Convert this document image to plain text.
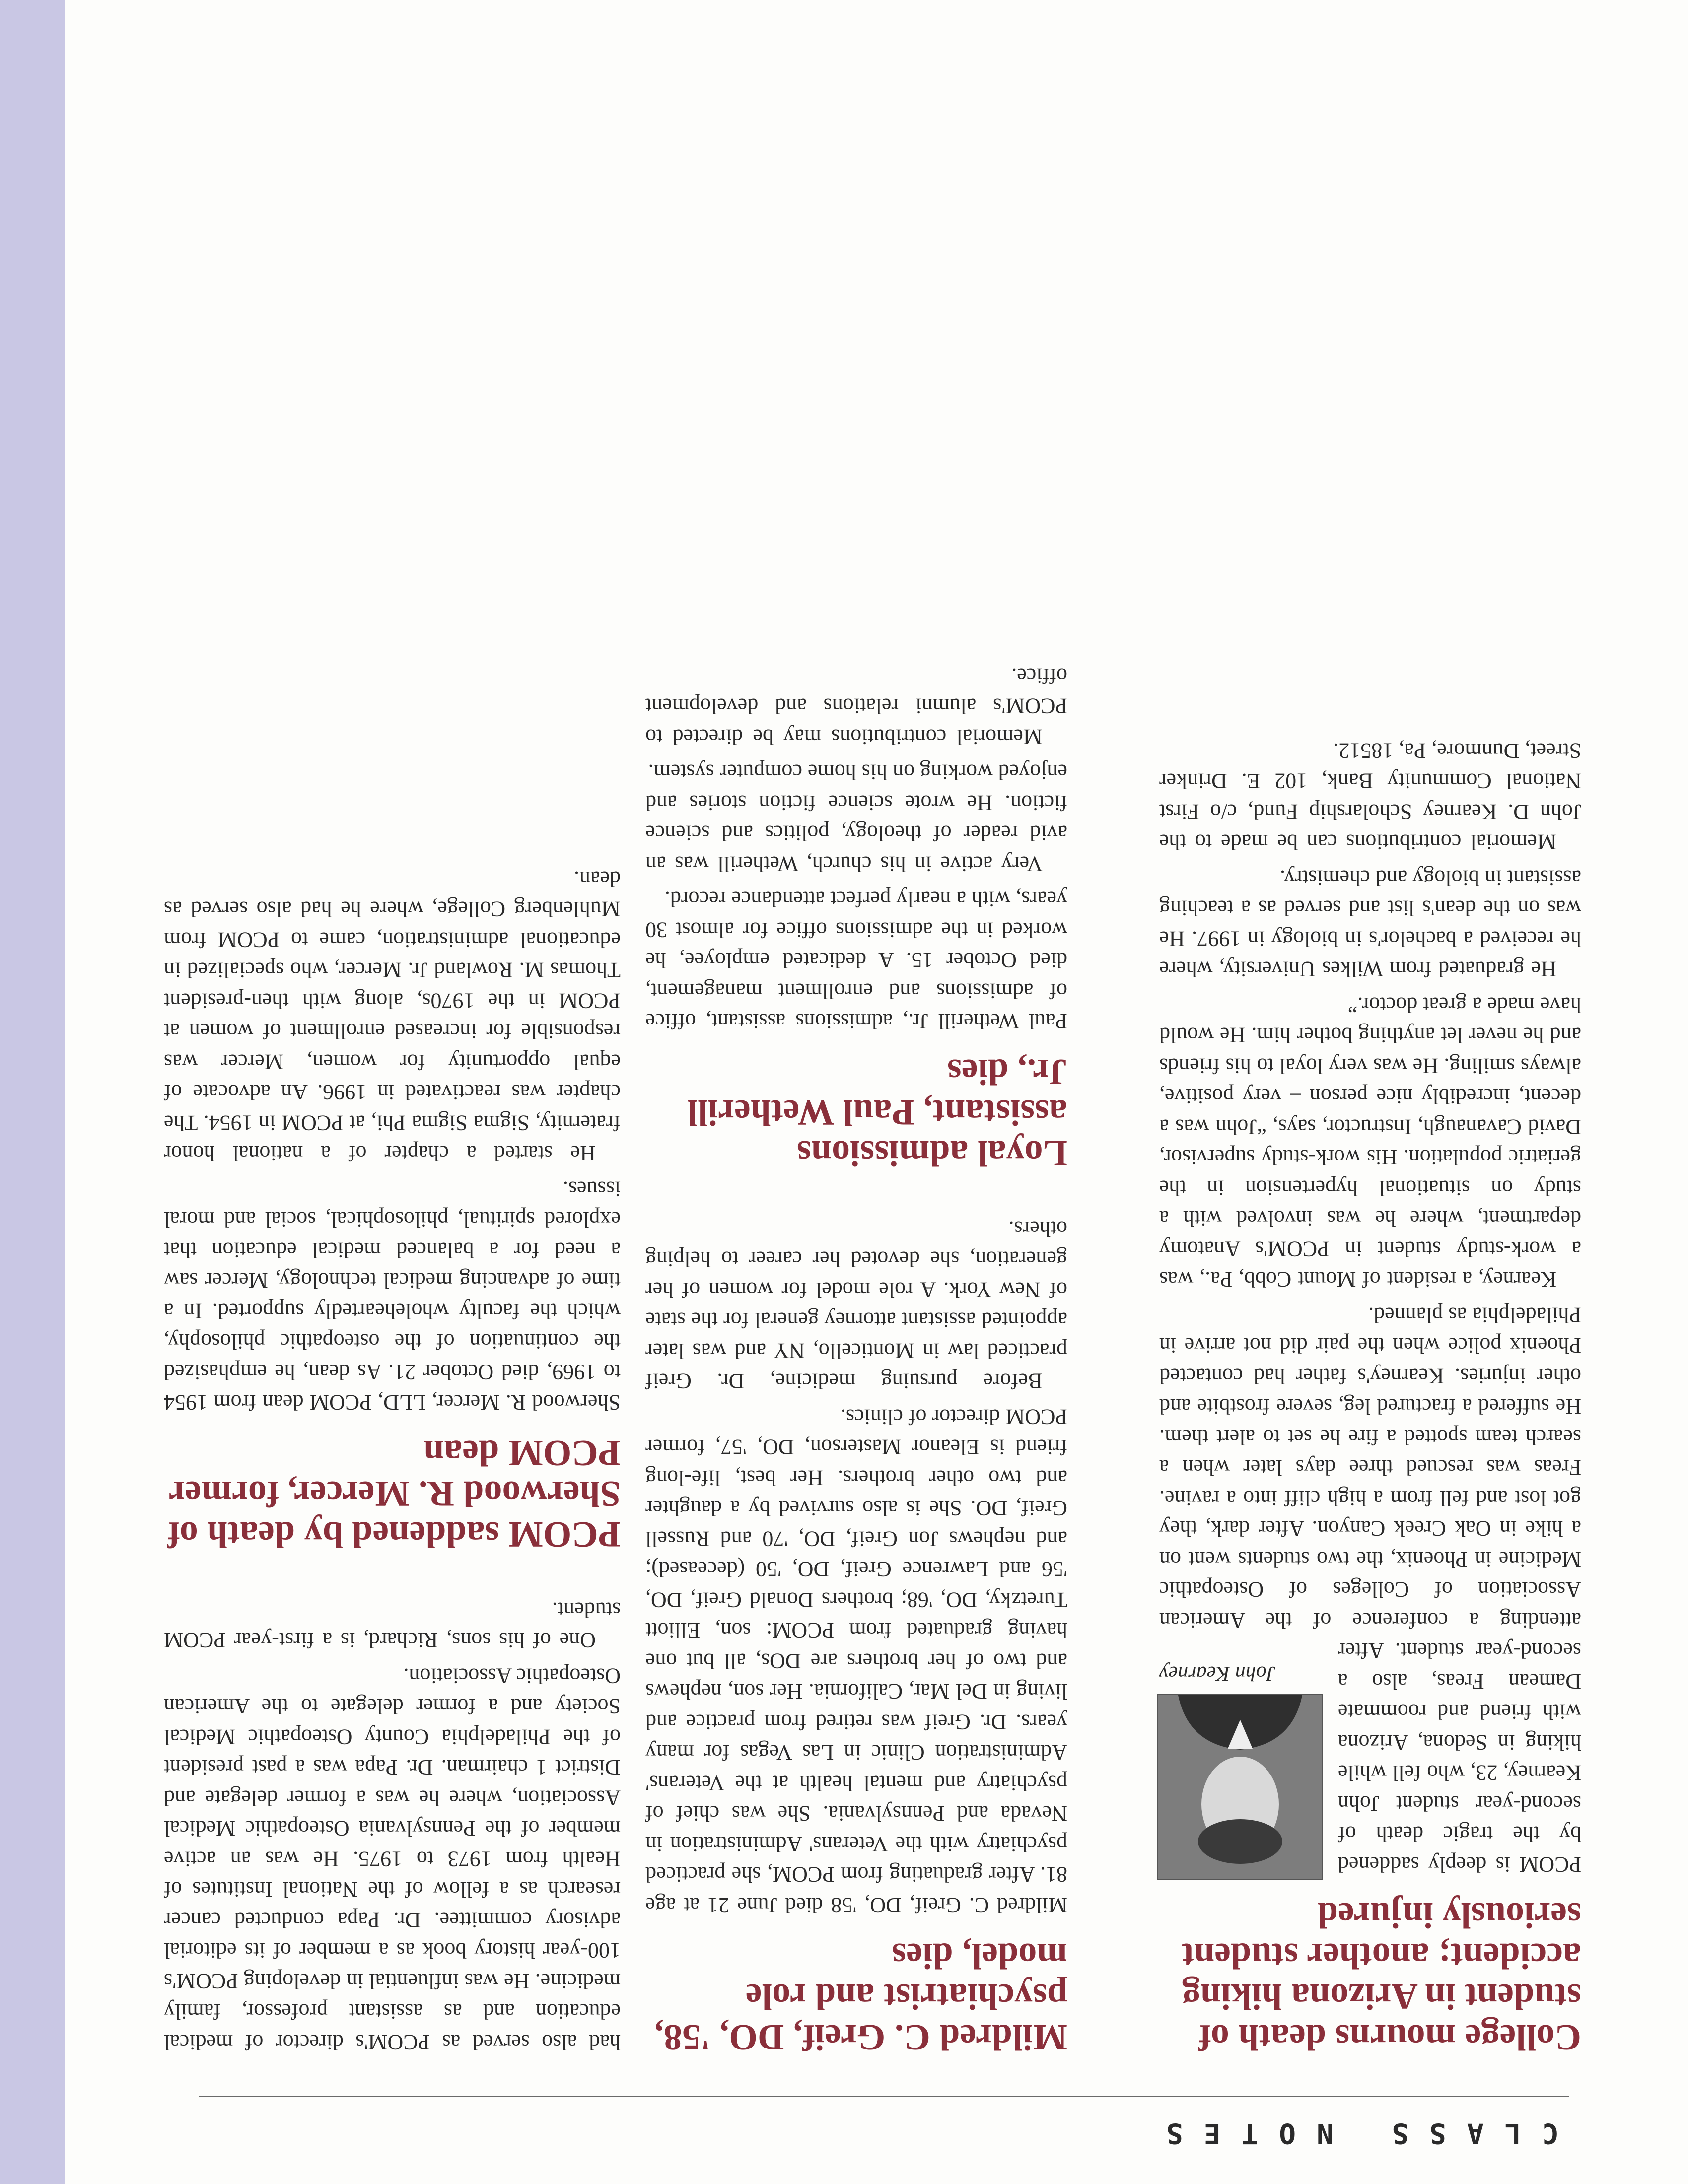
CLASS NOTES
College mourns death of student in Arizona hiking accident; another student seriously injured
John Kearney

PCOM is deeply saddened by the tragic death of second-year student John Kearney, 23, who fell while hiking in Sedona, Arizona with friend and roommate Damean Freas, also a second-year student. After attending a conference of the American Association of Colleges of Osteopathic Medicine in Phoenix, the two students went on a hike in Oak Creek Canyon. After dark, they got lost and fell from a high cliff into a ravine. Freas was rescued three days later when a search team spotted a fire he set to alert them. He suffered a fractured leg, severe frostbite and other injuries. Kearney's father had contacted Phoenix police when the pair did not arrive in Philadelphia as planned.

Kearney, a resident of Mount Cobb, Pa., was a work-study student in PCOM's Anatomy department, where he was involved with a study on situational hypertension in the geriatric population. His work-study supervisor, David Cavanaugh, Instructor, says, “John was a decent, incredibly nice person – very positive, always smiling. He was very loyal to his friends and he never let anything bother him. He would have made a great doctor.”

He graduated from Wilkes University, where he received a bachelor's in biology in 1997. He was on the dean's list and served as a teaching assistant in biology and chemistry.

Memorial contributions can be made to the John D. Kearney Scholarship Fund, c/o First National Community Bank, 102 E. Drinker Street, Dunmore, Pa, 18512.

Mildred C. Greif, DO, '58, psychiatrist and role model, dies

Mildred C. Greif, DO, '58 died June 21 at age 81. After graduating from PCOM, she practiced psychiatry with the Veterans' Administration in Nevada and Pennsylvania. She was chief of psychiatry and mental health at the Veterans' Administration Clinic in Las Vegas for many years. Dr. Greif was retired from practice and living in Del Mar, California. Her son, nephews and two of her brothers are DOs, all but one having graduated from PCOM: son, Elliott Turetzky, DO, '68; brothers Donald Greif, DO, '56 and Lawrence Greif, DO, '50 (deceased); and nephews Jon Greif, DO, '70 and Russell Greif, DO. She is also survived by a daughter and two other brothers. Her best, life-long friend is Eleanor Masterson, DO, '57, former PCOM director of clinics.

Before pursuing medicine, Dr. Greif practiced law in Monticello, NY and was later appointed assistant attorney general for the state of New York. A role model for women of her generation, she devoted her career to helping others.

Loyal admissions assistant, Paul Wetherill Jr., dies

Paul Wetherill Jr., admissions assistant, office of admissions and enrollment management, died October 15. A dedicated employee, he worked in the admissions office for almost 30 years, with a nearly perfect attendance record.

Very active in his church, Wetherill was an avid reader of theology, politics and science fiction. He wrote science fiction stories and enjoyed working on his home computer system.

Memorial contributions may be directed to PCOM's alumni relations and development office.

had also served as PCOM's director of medical education and as assistant professor, family medicine. He was influential in developing PCOM's 100-year history book as a member of its editorial advisory committee. Dr. Papa conducted cancer research as a fellow of the National Institutes of Health from 1973 to 1975. He was an active member of the Pennsylvania Osteopathic Medical Association, where he was a former delegate and District 1 chairman. Dr. Papa was a past president of the Philadelphia County Osteopathic Medical Society and a former delegate to the American Osteopathic Association.

One of his sons, Richard, is a first-year PCOM student.

PCOM saddened by death of Sherwood R. Mercer, former PCOM dean

Sherwood R. Mercer, LLD, PCOM dean from 1954 to 1969, died October 21. As dean, he emphasized the continuation of the osteopathic philosophy, which the faculty wholeheartedly supported. In a time of advancing medical technology, Mercer saw a need for a balanced medical education that explored spiritual, philosophical, social and moral issues.

He started a chapter of a national honor fraternity, Sigma Sigma Phi, at PCOM in 1954. The chapter was reactivated in 1996. An advocate of equal opportunity for women, Mercer was responsible for increased enrollment of women at PCOM in the 1970s, along with then-president Thomas M. Rowland Jr. Mercer, who specialized in educational administration, came to PCOM from Muhlenberg College, where he had also served as dean.
